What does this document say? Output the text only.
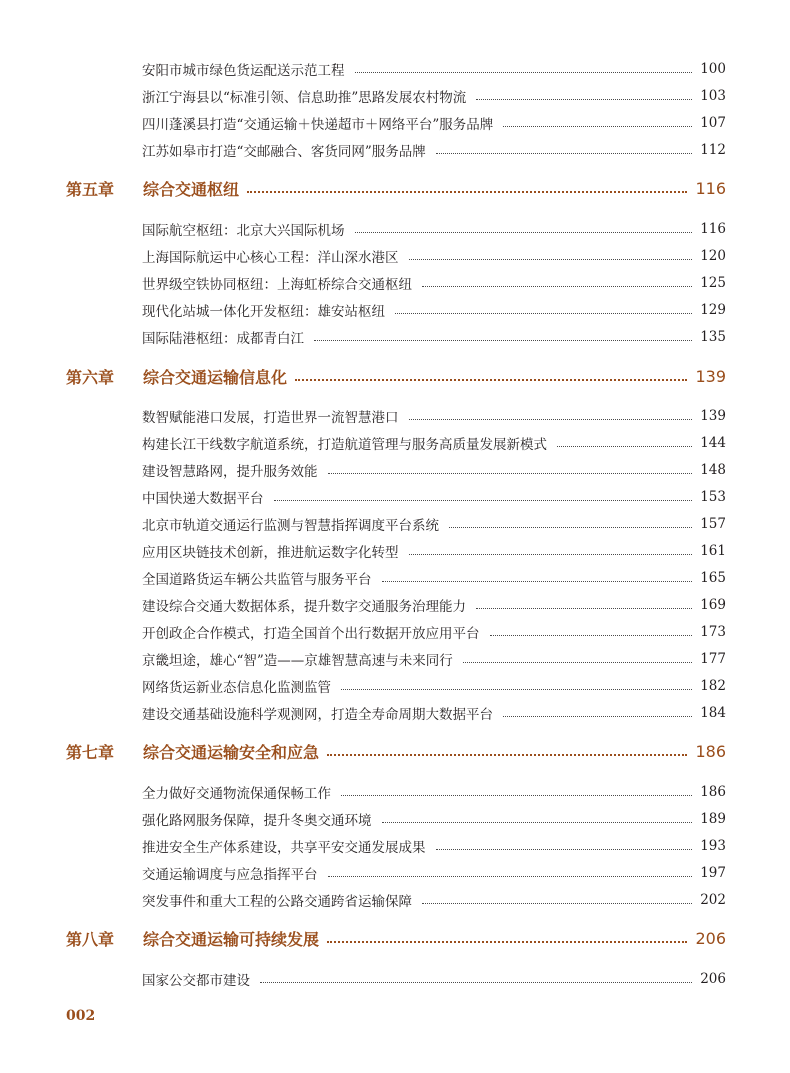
安阳市城市绿色货运配送示范工程	100
浙江宁海县以“标准引领、信息助推”思路发展农村物流	103
四川蓬溪县打造“交通运输＋快递超市＋网络平台”服务品牌	107
江苏如皋市打造“交邮融合、客货同网”服务品牌	112
第五章	综合交通枢纽	116
国际航空枢纽：北京大兴国际机场	116
上海国际航运中心核心工程：洋山深水港区	120
世界级空铁协同枢纽：上海虹桥综合交通枢纽	125
现代化站城一体化开发枢纽：雄安站枢纽	129
国际陆港枢纽：成都青白江	135
第六章	综合交通运输信息化	139
数智赋能港口发展，打造世界一流智慧港口	139
构建长江干线数字航道系统，打造航道管理与服务高质量发展新模式	144
建设智慧路网，提升服务效能	148
中国快递大数据平台	153
北京市轨道交通运行监测与智慧指挥调度平台系统	157
应用区块链技术创新，推进航运数字化转型	161
全国道路货运车辆公共监管与服务平台	165
建设综合交通大数据体系，提升数字交通服务治理能力	169
开创政企合作模式，打造全国首个出行数据开放应用平台	173
京畿坦途，雄心“智”造——京雄智慧高速与未来同行	177
网络货运新业态信息化监测监管	182
建设交通基础设施科学观测网，打造全寿命周期大数据平台	184
第七章	综合交通运输安全和应急	186
全力做好交通物流保通保畅工作	186
强化路网服务保障，提升冬奥交通环境	189
推进安全生产体系建设，共享平安交通发展成果	193
交通运输调度与应急指挥平台	197
突发事件和重大工程的公路交通跨省运输保障	202
第八章	综合交通运输可持续发展	206
国家公交都市建设	206
002
